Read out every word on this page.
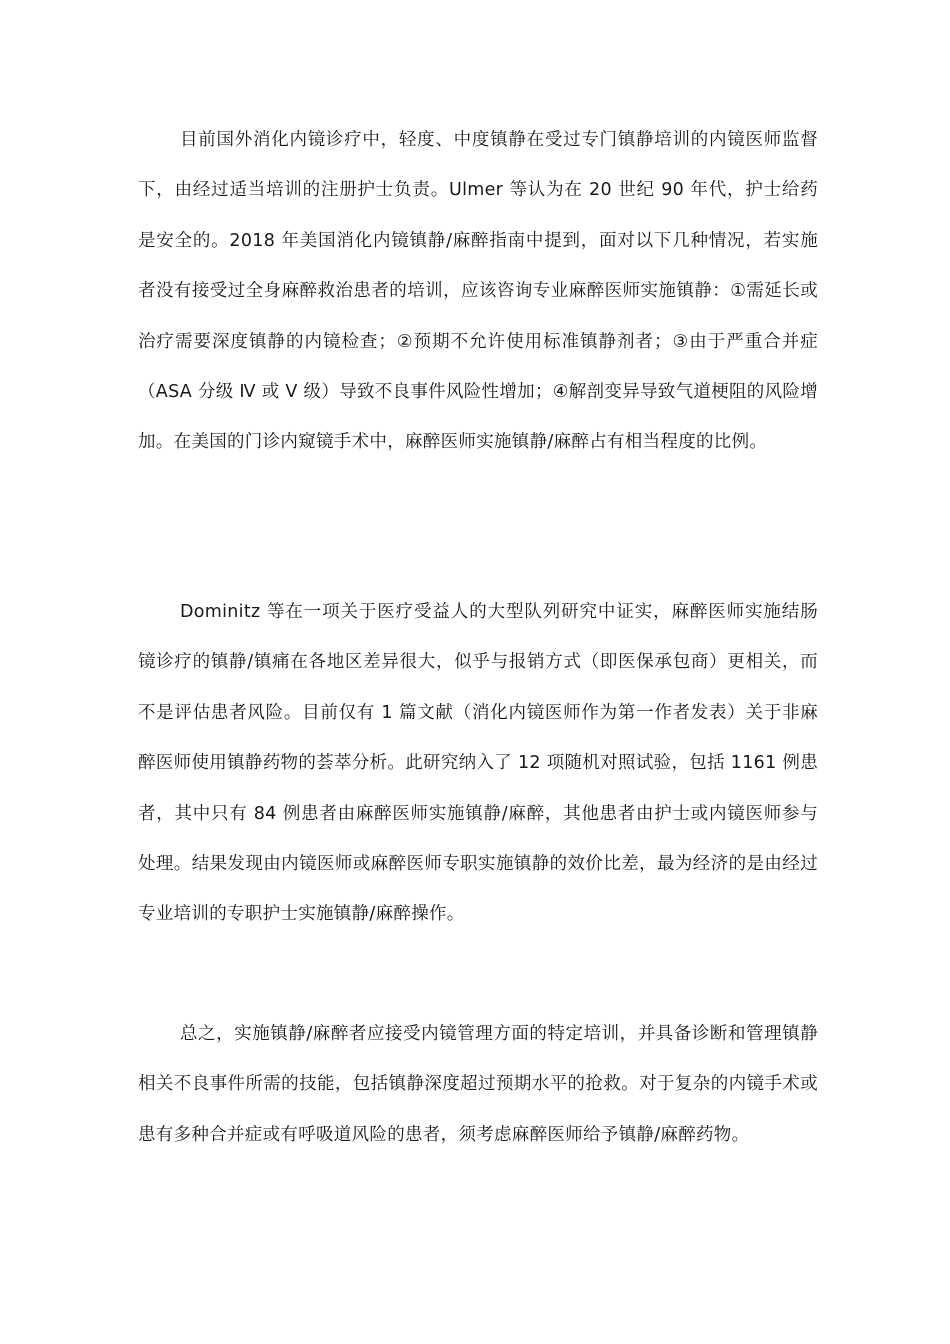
目前国外消化内镜诊疗中，轻度、中度镇静在受过专门镇静培训的内镜医师监督下，由经过适当培训的注册护士负责。Ulmer 等认为在 20 世纪 90 年代，护士给药是安全的。2018 年美国消化内镜镇静/麻醉指南中提到，面对以下几种情况，若实施者没有接受过全身麻醉救治患者的培训，应该咨询专业麻醉医师实施镇静：①需延长或治疗需要深度镇静的内镜检查；②预期不允许使用标准镇静剂者；③由于严重合并症（ASA 分级 Ⅳ 或 Ⅴ 级）导致不良事件风险性增加；④解剖变异导致气道梗阻的风险增加。在美国的门诊内窥镜手术中，麻醉医师实施镇静/麻醉占有相当程度的比例。

Dominitz 等在一项关于医疗受益人的大型队列研究中证实，麻醉医师实施结肠镜诊疗的镇静/镇痛在各地区差异很大，似乎与报销方式（即医保承包商）更相关，而不是评估患者风险。目前仅有 1 篇文献（消化内镜医师作为第一作者发表）关于非麻醉医师使用镇静药物的荟萃分析。此研究纳入了 12 项随机对照试验，包括 1161 例患者，其中只有 84 例患者由麻醉医师实施镇静/麻醉，其他患者由护士或内镜医师参与处理。结果发现由内镜医师或麻醉医师专职实施镇静的效价比差，最为经济的是由经过专业培训的专职护士实施镇静/麻醉操作。

总之，实施镇静/麻醉者应接受内镜管理方面的特定培训，并具备诊断和管理镇静相关不良事件所需的技能，包括镇静深度超过预期水平的抢救。对于复杂的内镜手术或患有多种合并症或有呼吸道风险的患者，须考虑麻醉医师给予镇静/麻醉药物。
